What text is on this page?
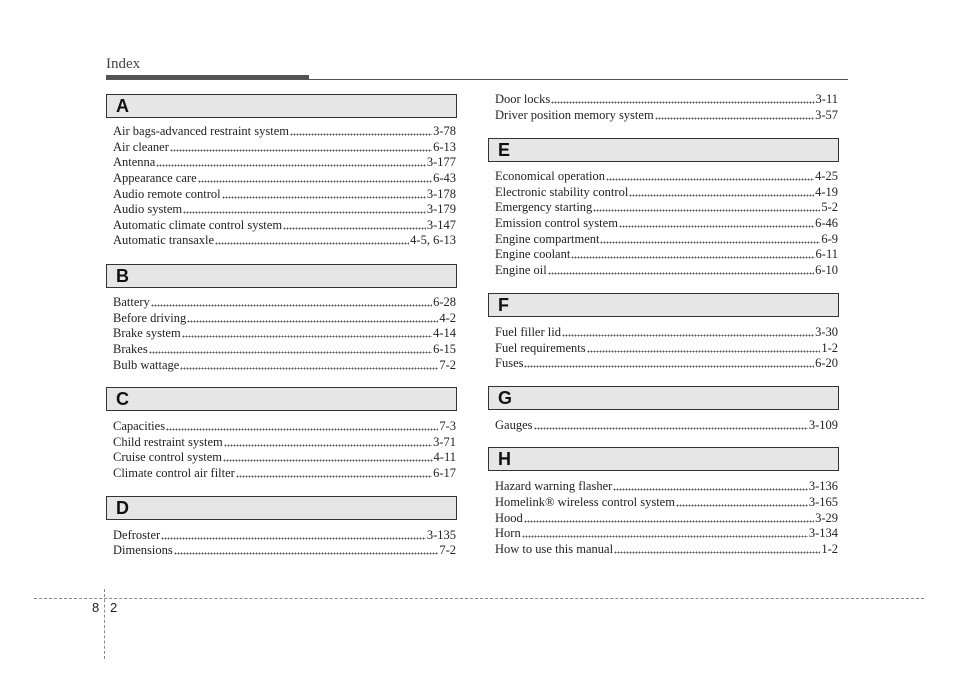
Index
A
Air bags-advanced restraint system	3-78
Air cleaner	6-13
Antenna	3-177
Appearance care	6-43
Audio remote control	3-178
Audio system	3-179
Automatic climate control system	3-147
Automatic transaxle	4-5, 6-13
B
Battery	6-28
Before driving	4-2
Brake system	4-14
Brakes	6-15
Bulb wattage	7-2
C
Capacities	7-3
Child restraint system	3-71
Cruise control system	4-11
Climate control air filter	6-17
D
Defroster	3-135
Dimensions	7-2
Door locks	3-11
Driver position memory system	3-57
E
Economical operation	4-25
Electronic stability control	4-19
Emergency starting	5-2
Emission control system	6-46
Engine compartment	6-9
Engine coolant	6-11
Engine oil	6-10
F
Fuel filler lid	3-30
Fuel requirements	1-2
Fuses	6-20
G
Gauges	3-109
H
Hazard warning flasher	3-136
Homelink® wireless control system	3-165
Hood	3-29
Horn	3-134
How to use this manual	1-2
8 2
